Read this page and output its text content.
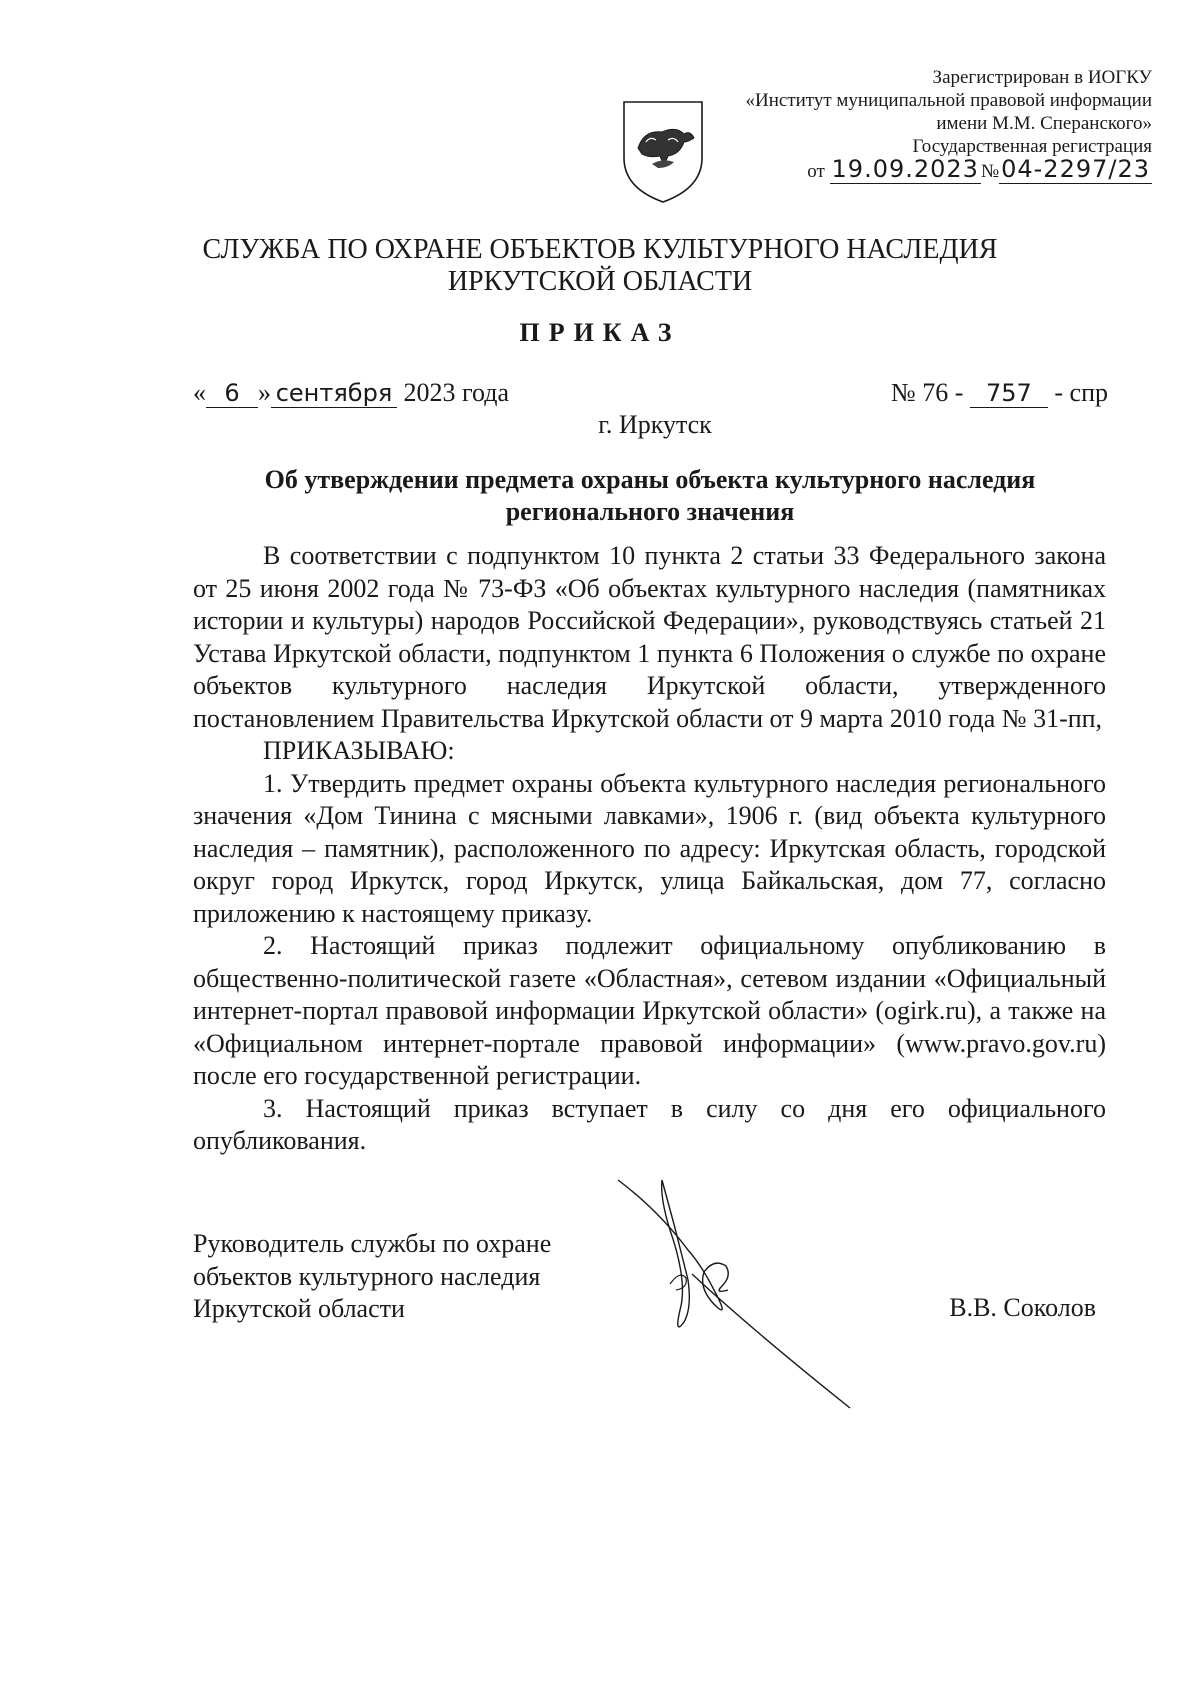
Зарегистрирован в ИОГКУ
«Институт муниципальной правовой информации
имени М.М. Сперанского»
Государственная регистрация
от 19.09.2023 №04-2297/23
СЛУЖБА ПО ОХРАНЕ ОБЪЕКТОВ КУЛЬТУРНОГО НАСЛЕДИЯ
ИРКУТСКОЙ ОБЛАСТИ
ПРИКАЗ
« 6 » сентября 2023 года	№ 76 - 757 - спр
г. Иркутск
Об утверждении предмета охраны объекта культурного наследия
регионального значения

В соответствии с подпунктом 10 пункта 2 статьи 33 Федерального закона от 25 июня 2002 года № 73-ФЗ «Об объектах культурного наследия (памятниках истории и культуры) народов Российской Федерации», руководствуясь статьей 21 Устава Иркутской области, подпунктом 1 пункта 6 Положения о службе по охране объектов культурного наследия Иркутской области, утвержденного постановлением Правительства Иркутской области от 9 марта 2010 года № 31-пп,

ПРИКАЗЫВАЮ:

1. Утвердить предмет охраны объекта культурного наследия регионального значения «Дом Тинина с мясными лавками», 1906 г. (вид объекта культурного наследия – памятник), расположенного по адресу: Иркутская область, городской округ город Иркутск, город Иркутск, улица Байкальская, дом 77, согласно приложению к настоящему приказу.

2. Настоящий приказ подлежит официальному опубликованию в общественно-политической газете «Областная», сетевом издании «Официальный интернет-портал правовой информации Иркутской области» (ogirk.ru), а также на «Официальном интернет-портале правовой информации» (www.pravo.gov.ru) после его государственной регистрации.

3. Настоящий приказ вступает в силу со дня его официального опубликования.

Руководитель службы по охране
объектов культурного наследия
Иркутской области	В.В. Соколов
